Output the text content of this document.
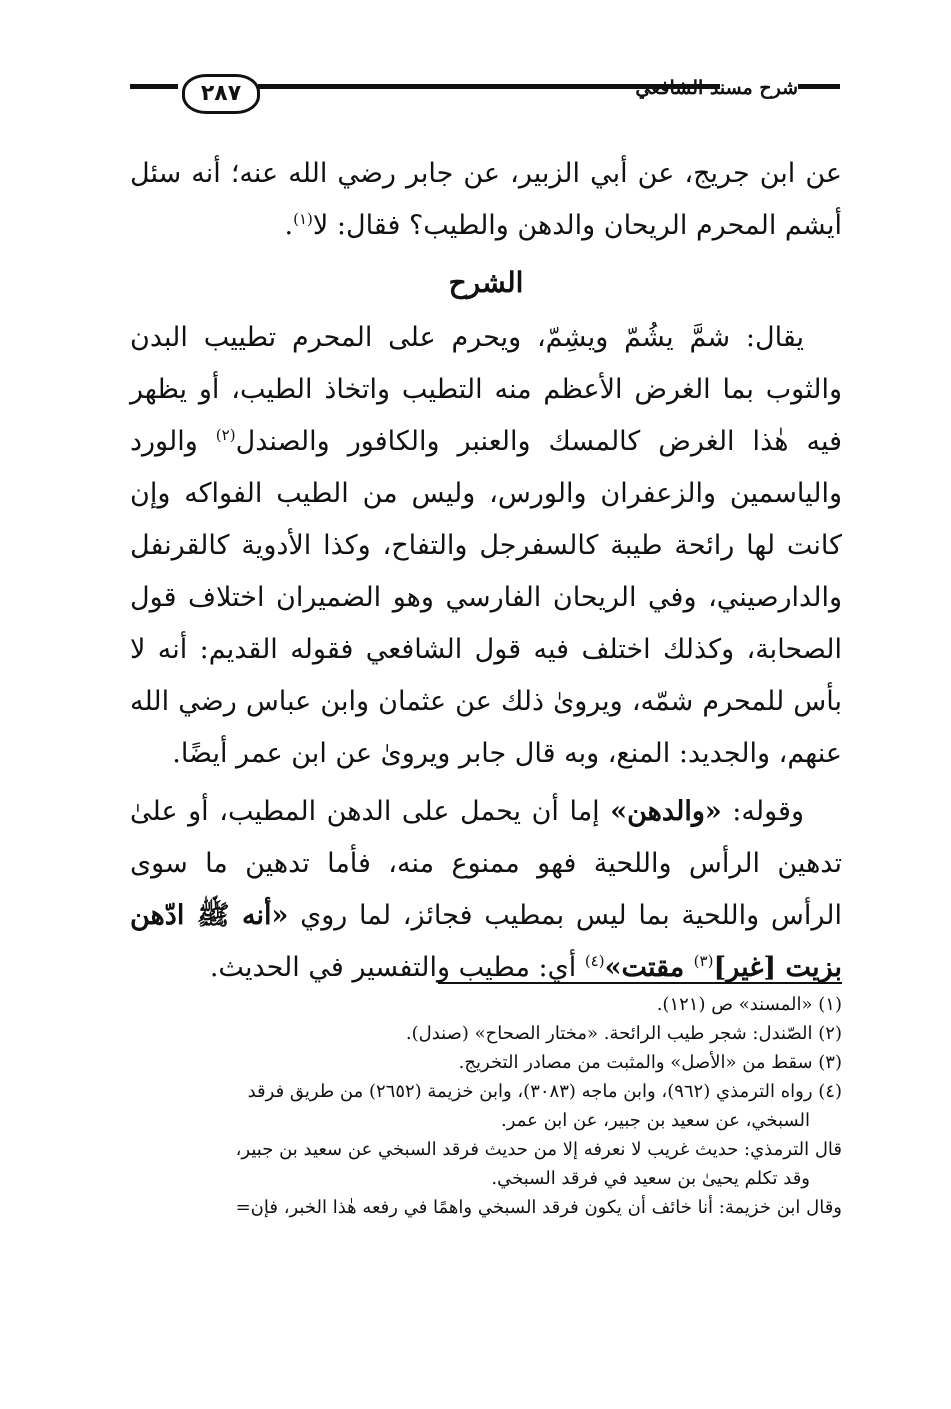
٢٨٧	شرح مسند الشافعي

عن ابن جريج، عن أبي الزبير، عن جابر رضي الله عنه؛ أنه سئل أيشم المحرم الريحان والدهن والطيب؟ فقال: لا$^{(١)}$.

الشرح

يقال: شمَّ يشُمّ ويشِمّ، ويحرم على المحرم تطييب البدن والثوب بما الغرض الأعظم منه التطيب واتخاذ الطيب، أو يظهر فيه هٰذا الغرض كالمسك والعنبر والكافور والصندل$^{(٢)}$ والورد والياسمين والزعفران والورس، وليس من الطيب الفواكه وإن كانت لها رائحة طيبة كالسفرجل والتفاح، وكذا الأدوية كالقرنفل والدارصيني، وفي الريحان الفارسي وهو الضميران اختلاف قول الصحابة، وكذلك اختلف فيه قول الشافعي فقوله القديم: أنه لا بأس للمحرم شمّه، ويرویٰ ذلك عن عثمان وابن عباس رضي الله عنهم، والجديد: المنع، وبه قال جابر ويرویٰ عن ابن عمر أيضًا.

وقوله: «والدهن» إما أن يحمل على الدهن المطيب، أو علىٰ تدهين الرأس واللحية فهو ممنوع منه، فأما تدهين ما سوى الرأس واللحية بما ليس بمطيب فجائز، لما روي «أنه ﷺ ادّهن بزيت [غير]$^{(٣)}$ مقتت»$^{(٤)}$ أي: مطيب والتفسير في الحديث.

(١) «المسند» ص (١٢١).

(٢) الصّندل: شجر طيب الرائحة. «مختار الصحاح» (صندل).

(٣) سقط من «الأصل» والمثبت من مصادر التخريج.

(٤) رواه الترمذي (٩٦٢)، وابن ماجه (٣٠٨٣)، وابن خزيمة (٢٦٥٢) من طريق فرقد

السبخي، عن سعيد بن جبير، عن ابن عمر.

قال الترمذي: حديث غريب لا نعرفه إلا من حديث فرقد السبخي عن سعيد بن جبير،

وقد تكلم يحيىٰ بن سعيد في فرقد السبخي.

وقال ابن خزيمة: أنا خائف أن يكون فرقد السبخي واهمًا في رفعه هٰذا الخبر، فإن=
